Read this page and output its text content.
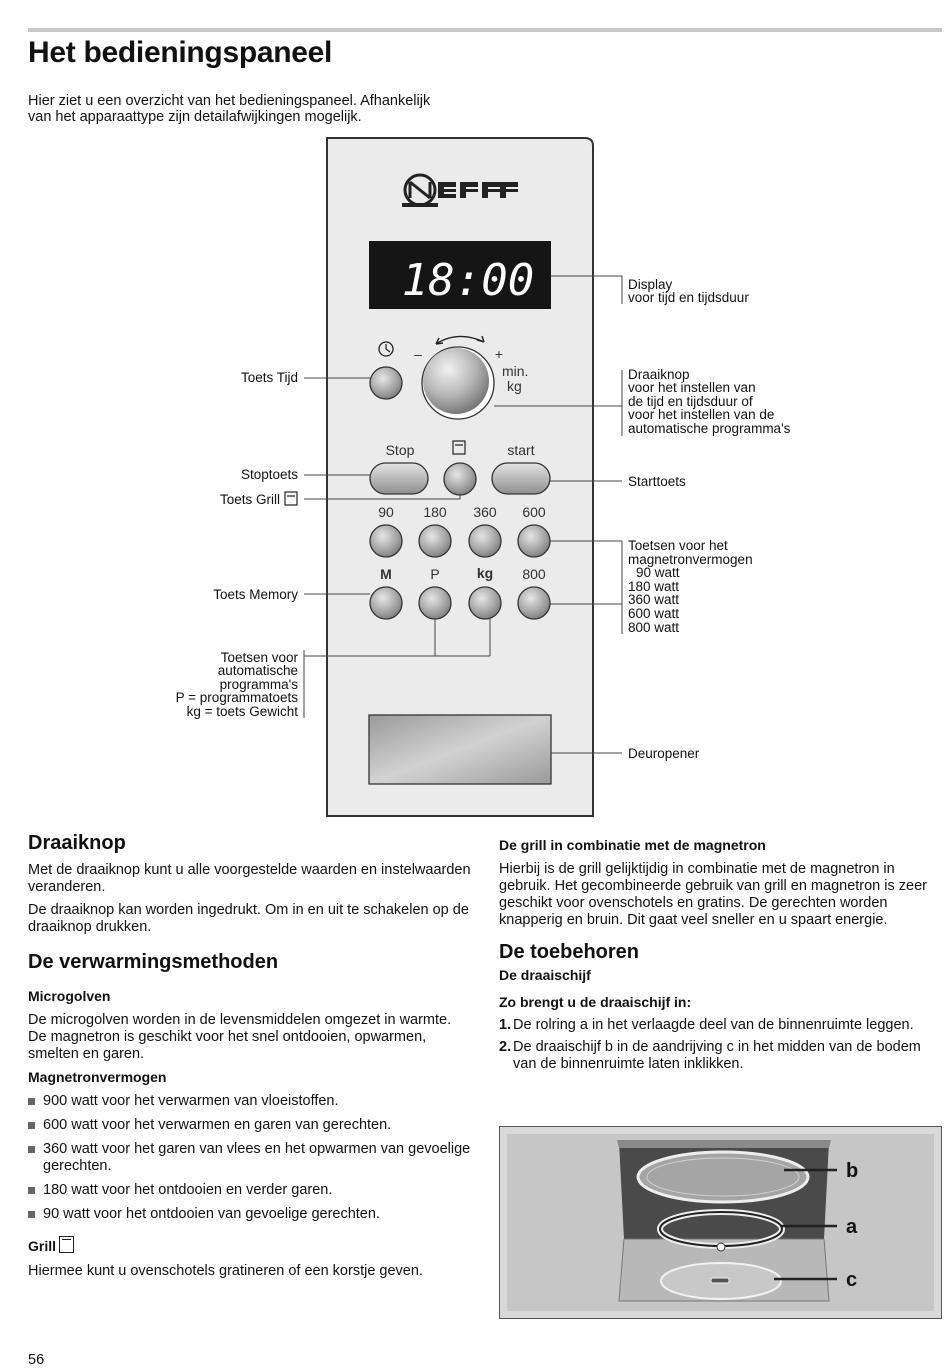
Het bedieningspaneel
Hier ziet u een overzicht van het bedieningspaneel. Afhankelijk
van het apparaattype zijn detailafwijkingen mogelijk.
18:00
–	+
min.
kg
Stop	start
90 180 360 600
M	P	kg 800
Toets Tijd
Stoptoets
Toets Grill
Toets Memory
Toetsen voor
automatische
programma's
P = programmatoets
kg = toets Gewicht
Display
voor tijd en tijdsduur
Draaiknop
voor het instellen van
de tijd en tijdsduur of
voor het instellen van de
automatische programma's
Starttoets
Toetsen voor het
magnetronvermogen
90 watt
180 watt
360 watt
600 watt
800 watt
Deuropener
Draaiknop

Met de draaiknop kunt u alle voorgestelde waarden en instelwaarden veranderen.

De draaiknop kan worden ingedrukt. Om in en uit te schakelen op de draaiknop drukken.

De verwarmingsmethoden
Microgolven

De microgolven worden in de levensmiddelen omgezet in warmte. De magnetron is geschikt voor het snel ontdooien, opwarmen, smelten en garen.

Magnetronvermogen
900 watt voor het verwarmen van vloeistoffen.
600 watt voor het verwarmen en garen van gerechten.
360 watt voor het garen van vlees en het opwarmen van gevoelige gerechten.
180 watt voor het ontdooien en verder garen.
90 watt voor het ontdooien van gevoelige gerechten.
Grill

Hiermee kunt u ovenschotels gratineren of een korstje geven.

De grill in combinatie met de magnetron

Hierbij is de grill gelijktijdig in combinatie met de magnetron in gebruik. Het gecombineerde gebruik van grill en magnetron is zeer geschikt voor ovenschotels en gratins. De gerechten worden knapperig en bruin. Dit gaat veel sneller en u spaart energie.

De toebehoren
De draaischijf
Zo brengt u de draaischijf in:
1. De rolring a in het verlaagde deel van de binnenruimte leggen.
2. De draaischijf b in de aandrijving c in het midden van de bodem van de binnenruimte laten inklikken.
b
a
c
56
